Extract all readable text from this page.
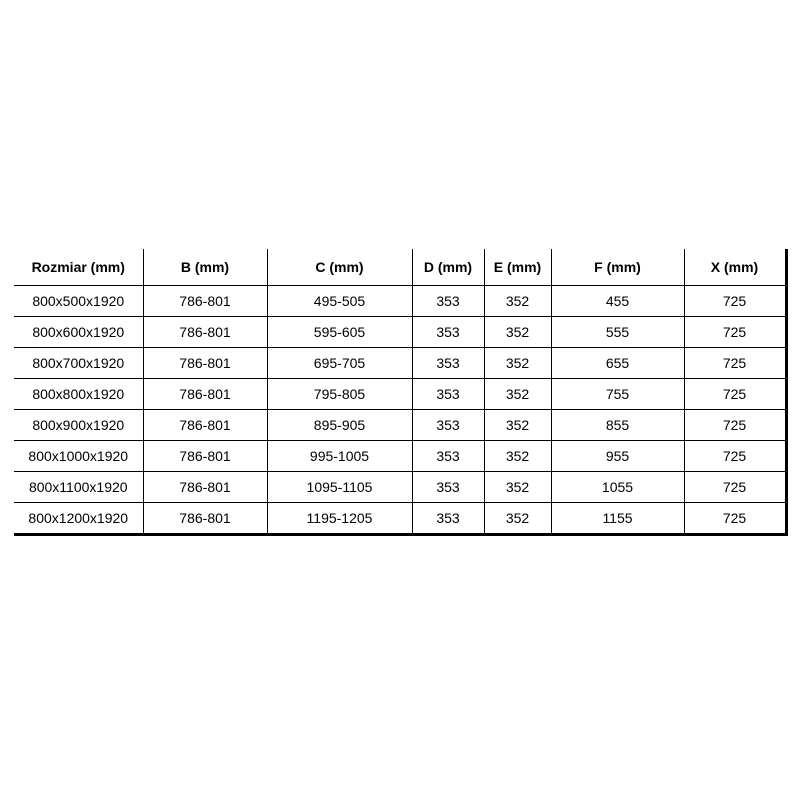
Rozmiar (mm)	B (mm)	C (mm)	D (mm)	E (mm)	F (mm)	X (mm)
800x500x1920	786-801	495-505	353	352	455	725
800x600x1920	786-801	595-605	353	352	555	725
800x700x1920	786-801	695-705	353	352	655	725
800x800x1920	786-801	795-805	353	352	755	725
800x900x1920	786-801	895-905	353	352	855	725
800x1000x1920	786-801	995-1005	353	352	955	725
800x1100x1920	786-801	1095-1105	353	352	1055	725
800x1200x1920	786-801	1195-1205	353	352	1155	725
